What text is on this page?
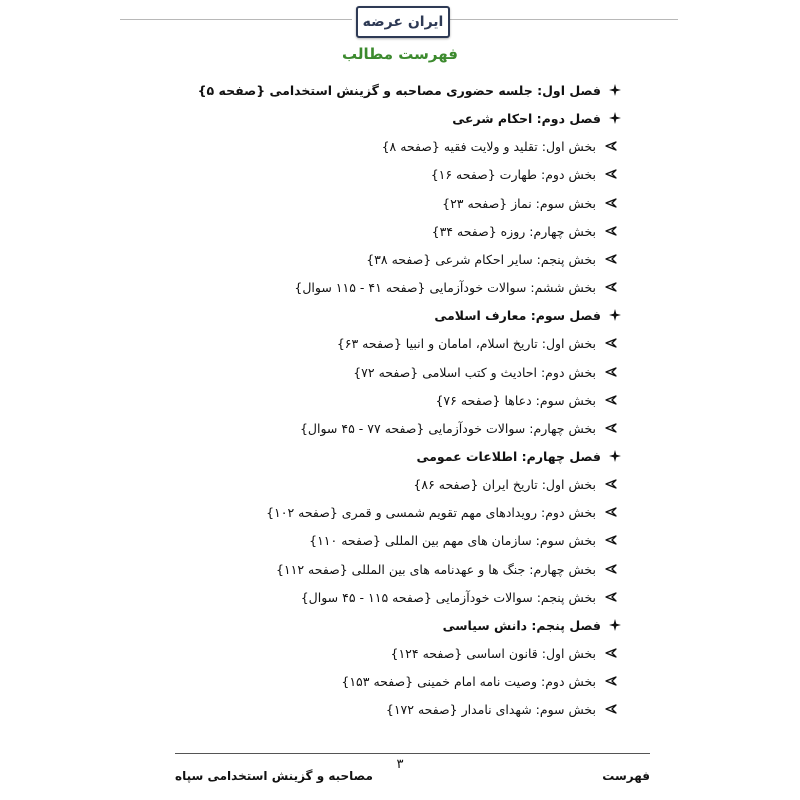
ایران عرضه
فهرست مطالب
فصل اول: جلسه حضوری مصاحبه و گزینش استخدامی {صفحه ۵}
فصل دوم: احکام شرعی
بخش اول: تقلید و ولایت فقیه {صفحه ۸}
بخش دوم: طهارت {صفحه ۱۶}
بخش سوم: نماز {صفحه ۲۳}
بخش چهارم: روزه {صفحه ۳۴}
بخش پنجم: سایر احکام شرعی {صفحه ۳۸}
بخش ششم: سوالات خودآزمایی {صفحه ۴۱ - ۱۱۵ سوال}
فصل سوم: معارف اسلامی
بخش اول: تاریخ اسلام، امامان و انبیا {صفحه ۶۳}
بخش دوم: احادیث و کتب اسلامی {صفحه ۷۲}
بخش سوم: دعاها {صفحه ۷۶}
بخش چهارم: سوالات خودآزمایی {صفحه ۷۷ - ۴۵ سوال}
فصل چهارم: اطلاعات عمومی
بخش اول: تاریخ ایران {صفحه ۸۶}
بخش دوم: رویدادهای مهم تقویم شمسی و قمری {صفحه ۱۰۲}
بخش سوم: سازمان های مهم بین المللی {صفحه ۱۱۰}
بخش چهارم: جنگ ها و عهدنامه های بین المللی {صفحه ۱۱۲}
بخش پنجم: سوالات خودآزمایی {صفحه ۱۱۵ - ۴۵ سوال}
فصل پنجم: دانش سیاسی
بخش اول: قانون اساسی {صفحه ۱۲۴}
بخش دوم: وصیت نامه امام خمینی {صفحه ۱۵۳}
بخش سوم: شهدای نامدار {صفحه ۱۷۲}
۳
مصاحبه و گزینش استخدامی سپاه	فهرست
